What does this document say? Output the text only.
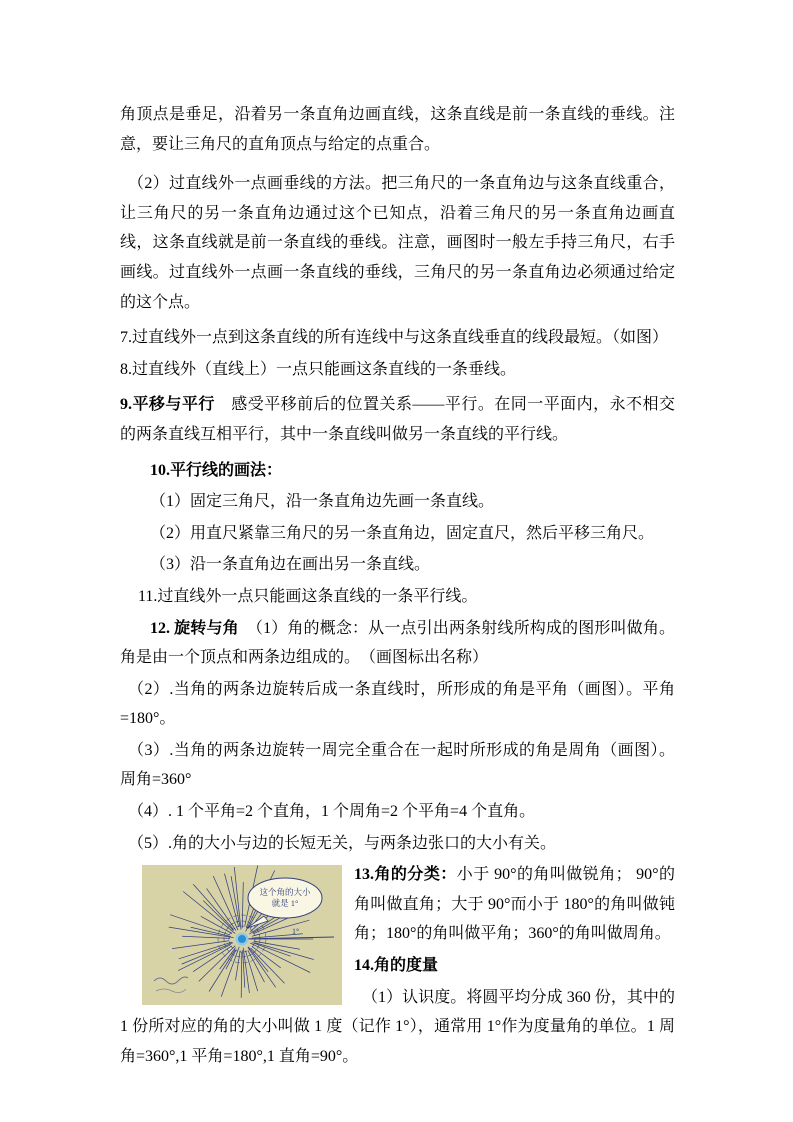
角顶点是垂足，沿着另一条直角边画直线，这条直线是前一条直线的垂线。注意，要让三角尺的直角顶点与给定的点重合。

（2）过直线外一点画垂线的方法。把三角尺的一条直角边与这条直线重合，让三角尺的另一条直角边通过这个已知点，沿着三角尺的另一条直角边画直线，这条直线就是前一条直线的垂线。注意，画图时一般左手持三角尺，右手画线。过直线外一点画一条直线的垂线，三角尺的另一条直角边必须通过给定的这个点。

7.过直线外一点到这条直线的所有连线中与这条直线垂直的线段最短。（如图）

8.过直线外（直线上）一点只能画这条直线的一条垂线。

9.平移与平行　感受平移前后的位置关系——平行。在同一平面内，永不相交的两条直线互相平行，其中一条直线叫做另一条直线的平行线。

10.平行线的画法：

（1）固定三角尺，沿一条直角边先画一条直线。

（2）用直尺紧靠三角尺的另一条直角边，固定直尺，然后平移三角尺。

（3）沿一条直角边在画出另一条直线。

11.过直线外一点只能画这条直线的一条平行线。

12. 旋转与角　（1）角的概念：从一点引出两条射线所构成的图形叫做角。角是由一个顶点和两条边组成的。　（画图标出名称）

（2）.当角的两条边旋转后成一条直线时，所形成的角是平角（画图）。平角=180°。

（3）.当角的两条边旋转一周完全重合在一起时所形成的角是周角（画图）。周角=360°

（4）. 1 个平角=2 个直角，1 个周角=2 个平角=4 个直角。

（5）.角的大小与边的长短无关，与两条边张口的大小有关。

这个角的大小
就是 1°
1°

13.角的分类：小于 90°的角叫做锐角； 90°的角叫做直角；大于 90°而小于 180°的角叫做钝角；180°的角叫做平角；360°的角叫做周角。

14.角的度量

（1）认识度。将圆平均分成 360 份，其中的 1 份所对应的角的大小叫做 1 度（记作 1°），通常用 1°作为度量角的单位。1 周角=360°,1 平角=180°,1 直角=90°。
